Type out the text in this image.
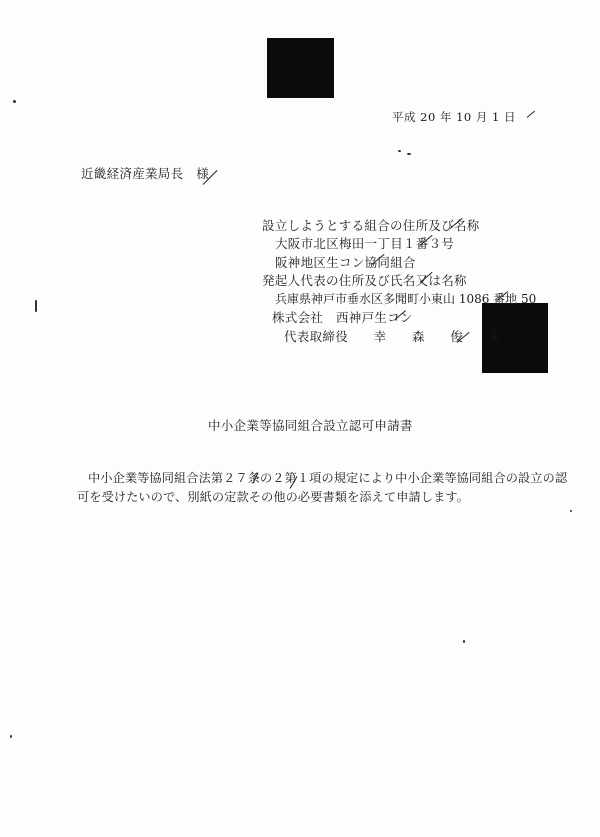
平成 20 年 10 月 1 日
近畿経済産業局長　様
設立しようとする組合の住所及び名称
大阪市北区梅田一丁目１番３号
阪神地区生コン協同組合
発起人代表の住所及び氏名又は名称
兵庫県神戸市垂水区多聞町小東山 1086 番地 50
株式会社　西神戸生コン
代表取締役　　幸　　森　　俊　　夫
中小企業等協同組合設立認可申請書
中小企業等協同組合法第２７条の２第１項の規定により中小企業等協同組合の設立の認
可を受けたいので、別紙の定款その他の必要書類を添えて申請します。
